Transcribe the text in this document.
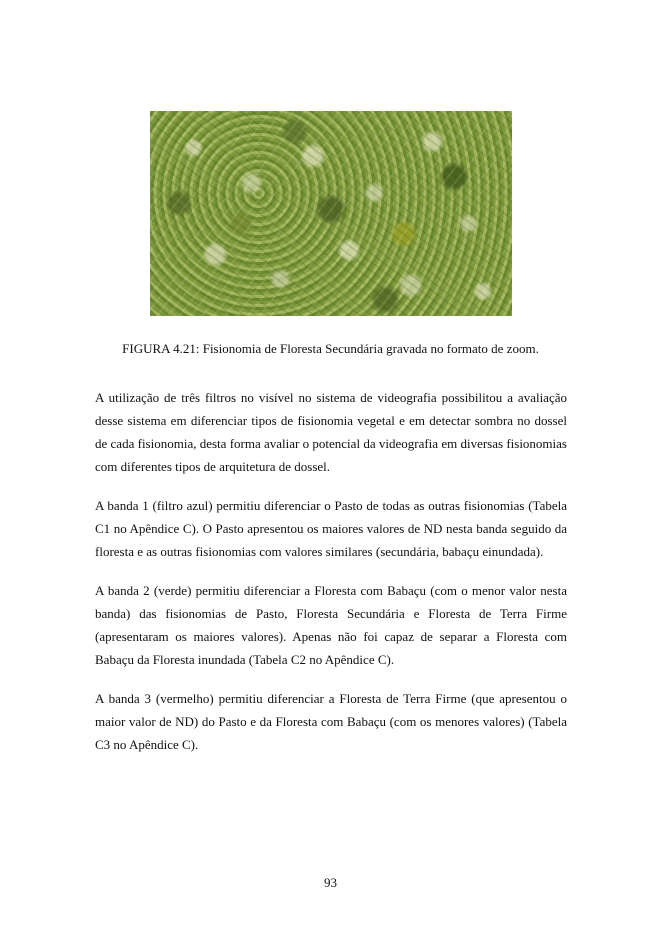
FIGURA 4.21: Fisionomia de Floresta Secundária gravada no formato de zoom.

A utilização de três filtros no visível no sistema de videografia possibilitou a avaliação desse sistema em diferenciar tipos de fisionomia vegetal e em detectar sombra no dossel de cada fisionomia, desta forma avaliar o potencial da videografia em diversas fisionomias com diferentes tipos de arquitetura de dossel.

A banda 1 (filtro azul) permitiu diferenciar o Pasto de todas as outras fisionomias (Tabela C1 no Apêndice C). O Pasto apresentou os maiores valores de ND nesta banda seguido da floresta e as outras fisionomias com valores similares (secundária, babaçu einundada).

A banda 2 (verde) permitiu diferenciar a Floresta com Babaçu (com o menor valor nesta banda) das fisionomias de Pasto, Floresta Secundária e Floresta de Terra Firme (apresentaram os maiores valores). Apenas não foi capaz de separar a Floresta com Babaçu da Floresta inundada (Tabela C2 no Apêndice C).

A banda 3 (vermelho) permitiu diferenciar a Floresta de Terra Firme (que apresentou o maior valor de ND) do Pasto e da Floresta com Babaçu (com os menores valores) (Tabela C3 no Apêndice C).

93
